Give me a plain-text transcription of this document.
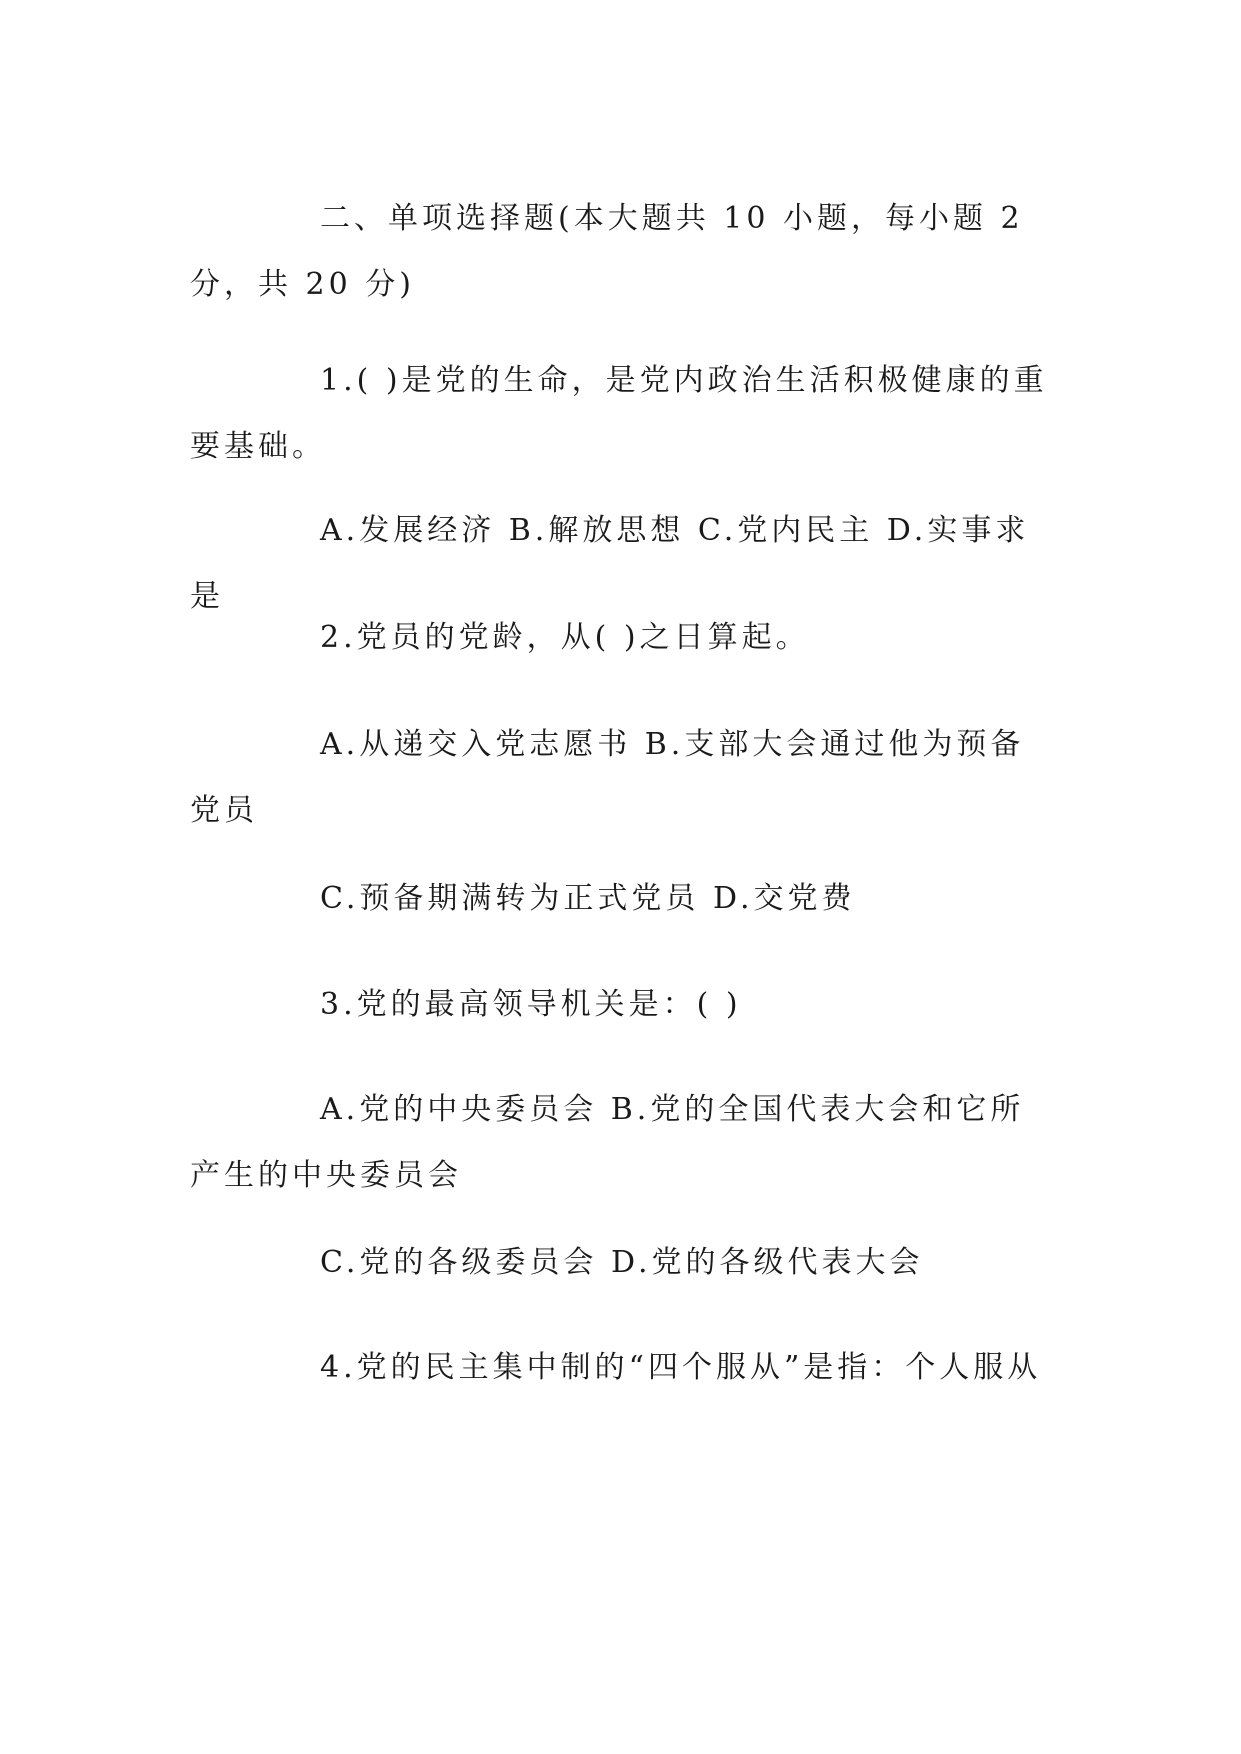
二、单项选择题(本大题共 10 小题，每小题 2 分，共 20 分)

1.( )是党的生命，是党内政治生活积极健康的重要基础。

A.发展经济 B.解放思想 C.党内民主 D.实事求是

2.党员的党龄，从( )之日算起。

A.从递交入党志愿书 B.支部大会通过他为预备党员

C.预备期满转为正式党员 D.交党费

3.党的最高领导机关是：( )

A.党的中央委员会 B.党的全国代表大会和它所产生的中央委员会

C.党的各级委员会 D.党的各级代表大会

4.党的民主集中制的“四个服从”是指：个人服从
